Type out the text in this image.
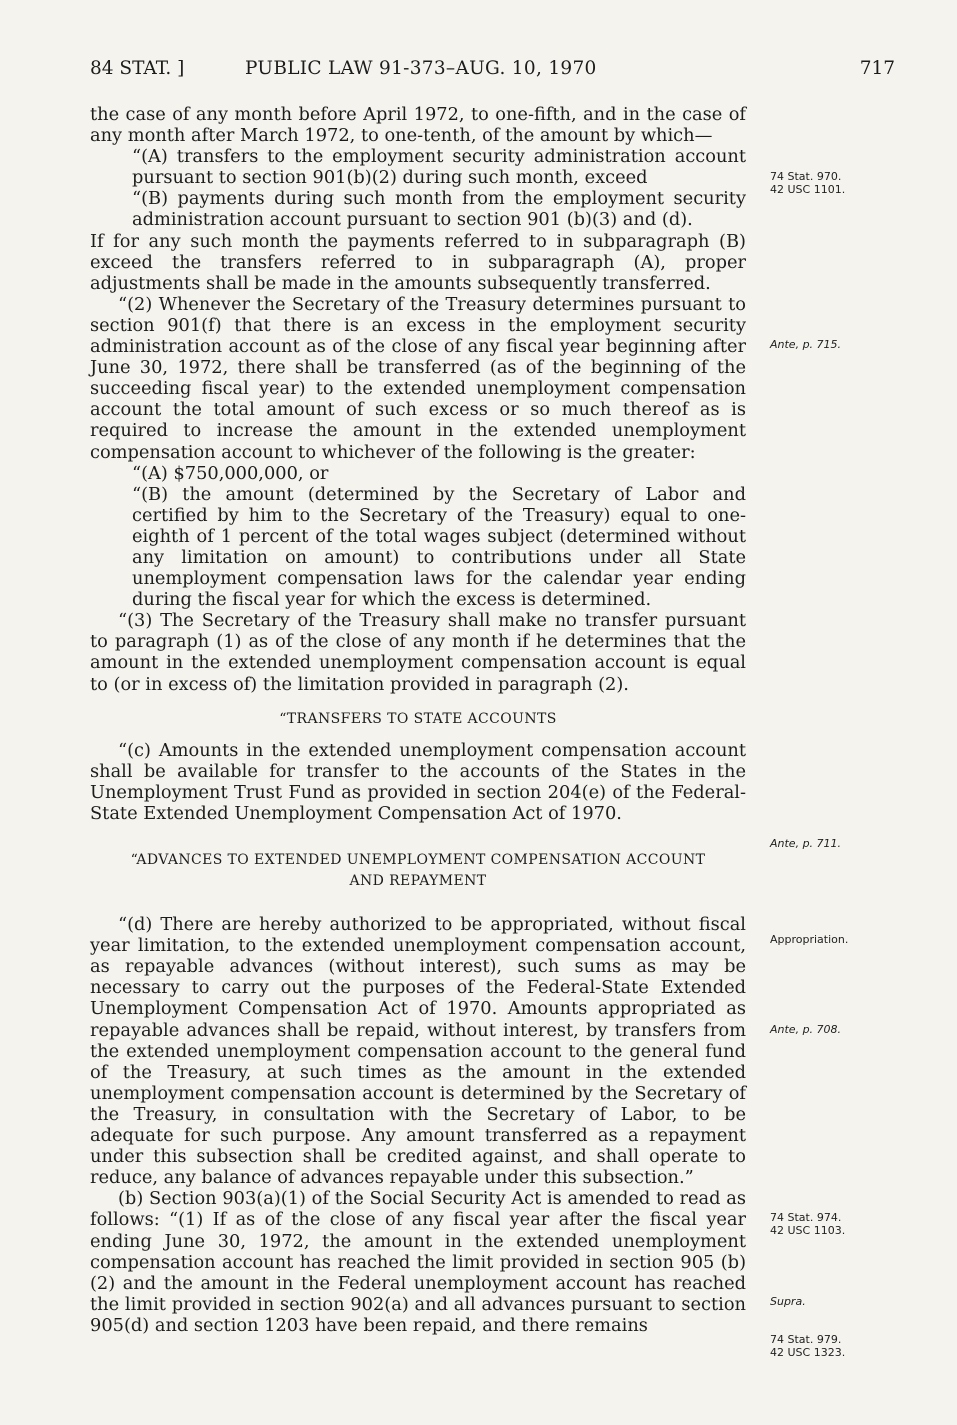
84 STAT. ]	PUBLIC LAW 91-373–AUG. 10, 1970	717

the case of any month before April 1972, to one-fifth, and in the case of any month after March 1972, to one-tenth, of the amount by which—

“(A) transfers to the employment security administration account pursuant to section 901(b)(2) during such month, exceed

“(B) payments during such month from the employment security administration account pursuant to section 901 (b)(3) and (d).

If for any such month the payments referred to in subparagraph (B) exceed the transfers referred to in subparagraph (A), proper adjustments shall be made in the amounts subsequently transferred.

“(2) Whenever the Secretary of the Treasury determines pursuant to section 901(f) that there is an excess in the employment security administration account as of the close of any fiscal year beginning after June 30, 1972, there shall be transferred (as of the beginning of the succeeding fiscal year) to the extended unemployment compensation account the total amount of such excess or so much thereof as is required to increase the amount in the extended unemployment compensation account to whichever of the following is the greater:

“(A) $750,000,000, or

“(B) the amount (determined by the Secretary of Labor and certified by him to the Secretary of the Treasury) equal to one-eighth of 1 percent of the total wages subject (determined without any limitation on amount) to contributions under all State unemployment compensation laws for the calendar year ending during the fiscal year for which the excess is determined.

“(3) The Secretary of the Treasury shall make no transfer pursuant to paragraph (1) as of the close of any month if he determines that the amount in the extended unemployment compensation account is equal to (or in excess of) the limitation provided in paragraph (2).

“TRANSFERS TO STATE ACCOUNTS

“(c) Amounts in the extended unemployment compensation account shall be available for transfer to the accounts of the States in the Unemployment Trust Fund as provided in section 204(e) of the Federal-State Extended Unemployment Compensation Act of 1970.

“ADVANCES TO EXTENDED UNEMPLOYMENT COMPENSATION ACCOUNT
AND REPAYMENT

“(d) There are hereby authorized to be appropriated, without fiscal year limitation, to the extended unemployment compensation account, as repayable advances (without interest), such sums as may be necessary to carry out the purposes of the Federal-State Extended Unemployment Compensation Act of 1970. Amounts appropriated as repayable advances shall be repaid, without interest, by transfers from the extended unemployment compensation account to the general fund of the Treasury, at such times as the amount in the extended unemployment compensation account is determined by the Secretary of the Treasury, in consultation with the Secretary of Labor, to be adequate for such purpose. Any amount transferred as a repayment under this subsection shall be credited against, and shall operate to reduce, any balance of advances repayable under this subsection.”

(b) Section 903(a)(1) of the Social Security Act is amended to read as follows: “(1) If as of the close of any fiscal year after the fiscal year ending June 30, 1972, the amount in the extended unemployment compensation account has reached the limit provided in section 905 (b)(2) and the amount in the Federal unemployment account has reached the limit provided in section 902(a) and all advances pursuant to section 905(d) and section 1203 have been repaid, and there remains

74 Stat. 970.
42 USC 1101.
Ante, p. 715.
Ante, p. 711.
Appropriation.
Ante, p. 708.
74 Stat. 974.
42 USC 1103.
Supra.
74 Stat. 979.
42 USC 1323.
